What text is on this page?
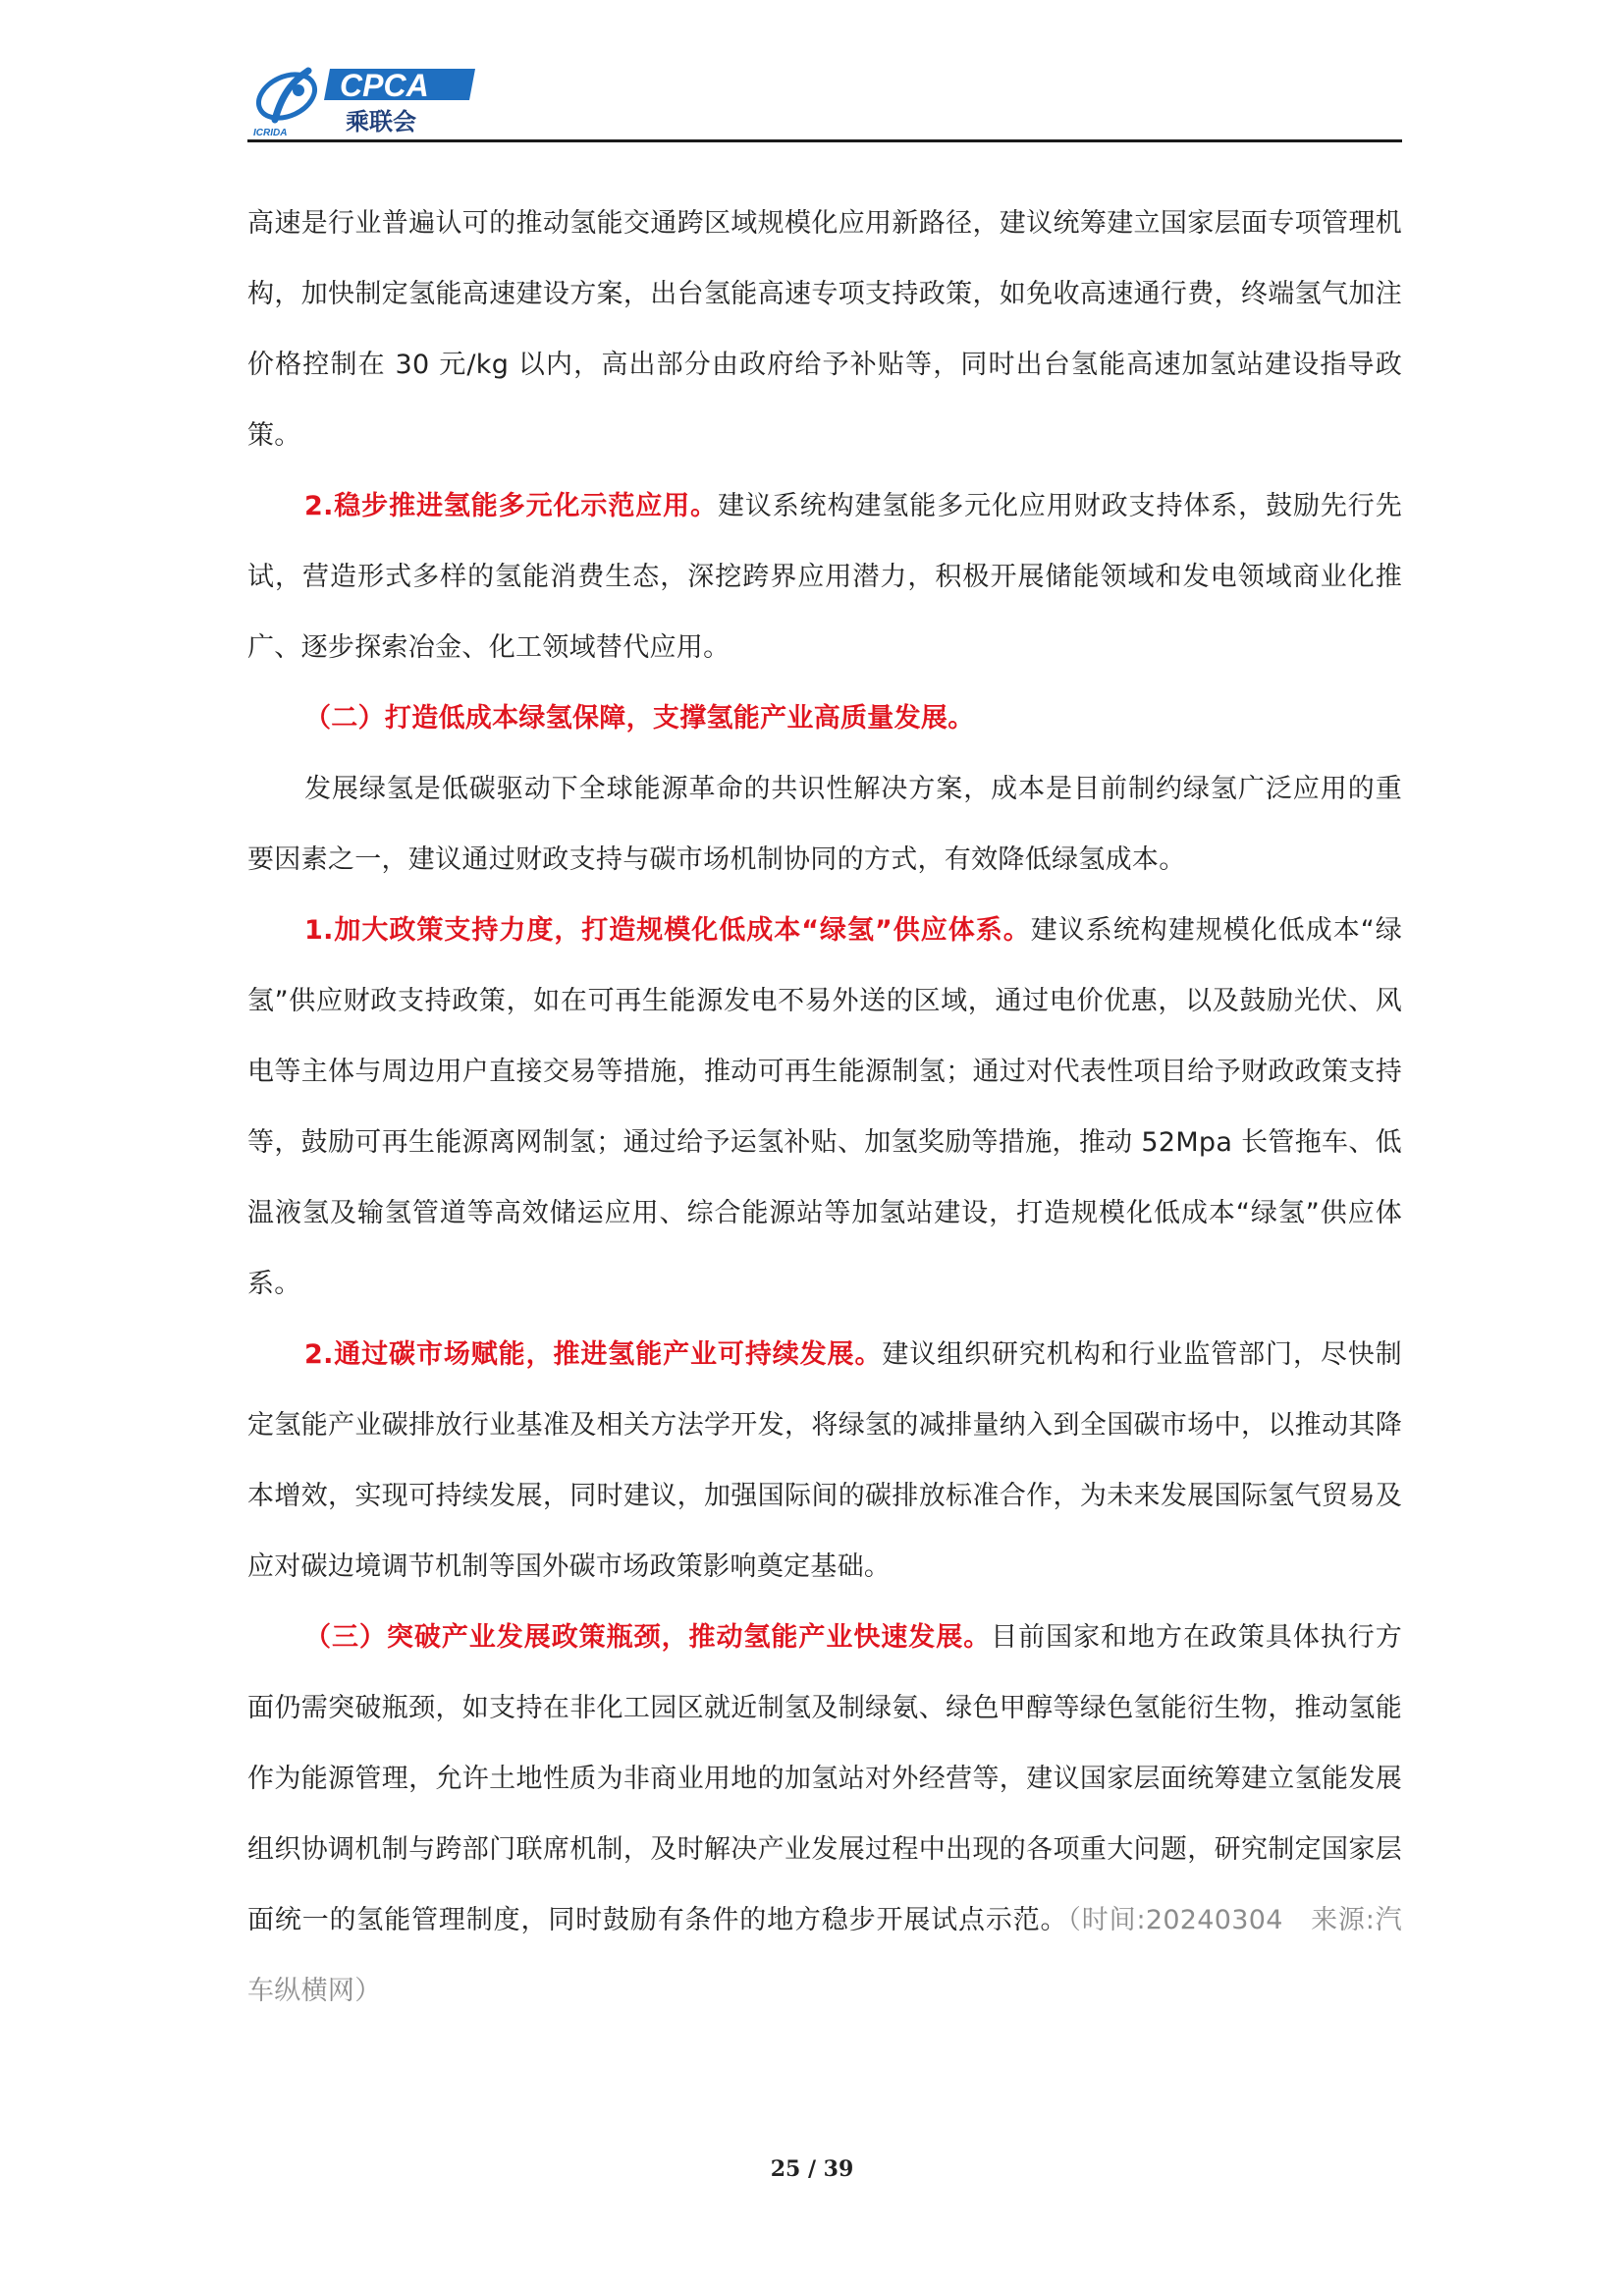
ICRIDA
CPCA
乘联会

高速是行业普遍认可的推动氢能交通跨区域规模化应用新路径，建议统筹建立国家层面专项管理机构，加快制定氢能高速建设方案，出台氢能高速专项支持政策，如免收高速通行费，终端氢气加注价格控制在 30 元/kg 以内，高出部分由政府给予补贴等，同时出台氢能高速加氢站建设指导政策。

2.稳步推进氢能多元化示范应用。建议系统构建氢能多元化应用财政支持体系，鼓励先行先试，营造形式多样的氢能消费生态，深挖跨界应用潜力，积极开展储能领域和发电领域商业化推广、逐步探索冶金、化工领域替代应用。

（二）打造低成本绿氢保障，支撑氢能产业高质量发展。

发展绿氢是低碳驱动下全球能源革命的共识性解决方案，成本是目前制约绿氢广泛应用的重要因素之一，建议通过财政支持与碳市场机制协同的方式，有效降低绿氢成本。

1.加大政策支持力度，打造规模化低成本“绿氢”供应体系。建议系统构建规模化低成本“绿氢”供应财政支持政策，如在可再生能源发电不易外送的区域，通过电价优惠，以及鼓励光伏、风电等主体与周边用户直接交易等措施，推动可再生能源制氢；通过对代表性项目给予财政政策支持等，鼓励可再生能源离网制氢；通过给予运氢补贴、加氢奖励等措施，推动 52Mpa 长管拖车、低温液氢及输氢管道等高效储运应用、综合能源站等加氢站建设，打造规模化低成本“绿氢”供应体系。

2.通过碳市场赋能，推进氢能产业可持续发展。建议组织研究机构和行业监管部门，尽快制定氢能产业碳排放行业基准及相关方法学开发，将绿氢的减排量纳入到全国碳市场中，以推动其降本增效，实现可持续发展，同时建议，加强国际间的碳排放标准合作，为未来发展国际氢气贸易及应对碳边境调节机制等国外碳市场政策影响奠定基础。

（三）突破产业发展政策瓶颈，推动氢能产业快速发展。目前国家和地方在政策具体执行方面仍需突破瓶颈，如支持在非化工园区就近制氢及制绿氨、绿色甲醇等绿色氢能衍生物，推动氢能作为能源管理，允许土地性质为非商业用地的加氢站对外经营等，建议国家层面统筹建立氢能发展组织协调机制与跨部门联席机制，及时解决产业发展过程中出现的各项重大问题，研究制定国家层面统一的氢能管理制度，同时鼓励有条件的地方稳步开展试点示范。（时间:20240304　来源:汽车纵横网）

25 / 39
